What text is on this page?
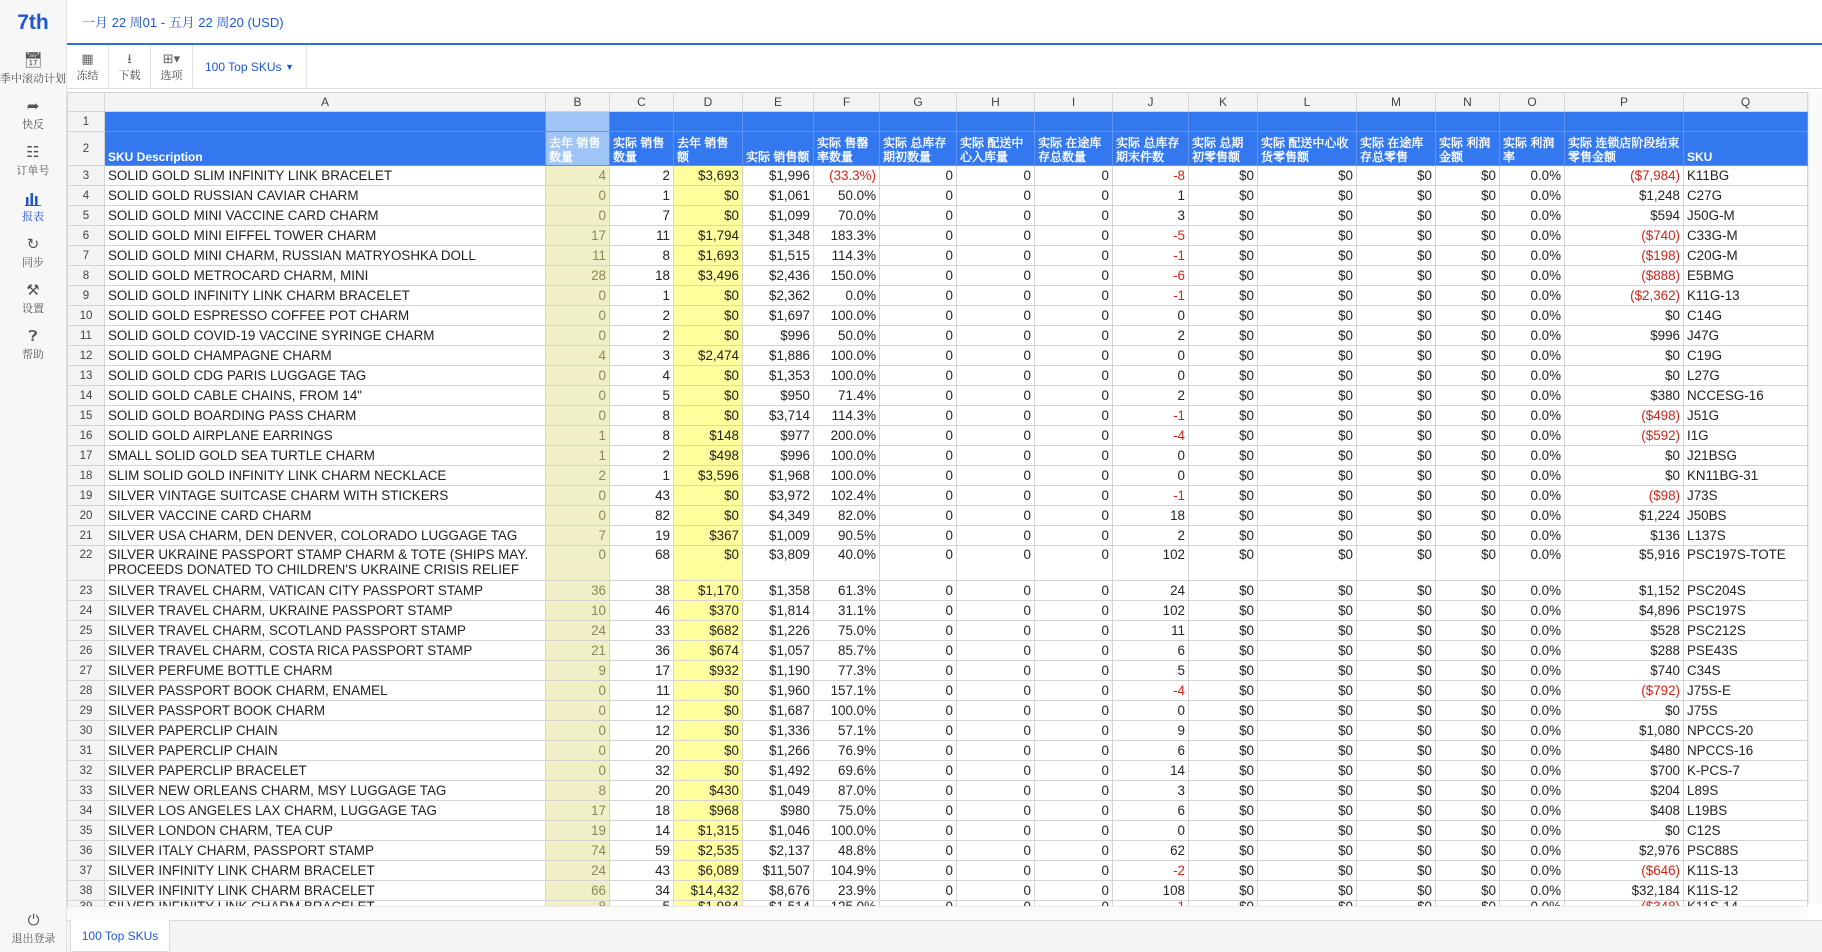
7th
📅︎
季中滚动计划
➦
快反
☷
订单号
报表
↻
同步
⚒
设置
❓︎
帮助
⏻
退出登录
一月 22 周01 - 五月 22 周20 (USD)
▦
冻结
⭳
下载
⊞▾
选项
100 Top SKUs ▼
	A	B	C	D	E	F	G	H	I	J	K	L	M	N	O	P	Q
1																	
2	SKU Description	去年 销售数量	实际 销售数量	去年 销售额	实际 销售额	实际 售罄率数量	实际 总库存期初数量	实际 配送中心入库量	实际 在途库存总数量	实际 总库存期末件数	实际 总期初零售额	实际 配送中心收货零售额	实际 在途库存总零售	实际 利润金额	实际 利润率	实际 连锁店阶段结束零售金额	SKU
3	SOLID GOLD SLIM INFINITY LINK BRACELET	4	2	$3,693	$1,996	(33.3%)	0	0	0	-8	$0	$0	$0	$0	0.0%	($7,984)	K11BG
4	SOLID GOLD RUSSIAN CAVIAR CHARM	0	1	$0	$1,061	50.0%	0	0	0	1	$0	$0	$0	$0	0.0%	$1,248	C27G
5	SOLID GOLD MINI VACCINE CARD CHARM	0	7	$0	$1,099	70.0%	0	0	0	3	$0	$0	$0	$0	0.0%	$594	J50G-M
6	SOLID GOLD MINI EIFFEL TOWER CHARM	17	11	$1,794	$1,348	183.3%	0	0	0	-5	$0	$0	$0	$0	0.0%	($740)	C33G-M
7	SOLID GOLD MINI CHARM, RUSSIAN MATRYOSHKA DOLL	11	8	$1,693	$1,515	114.3%	0	0	0	-1	$0	$0	$0	$0	0.0%	($198)	C20G-M
8	SOLID GOLD METROCARD CHARM, MINI	28	18	$3,496	$2,436	150.0%	0	0	0	-6	$0	$0	$0	$0	0.0%	($888)	E5BMG
9	SOLID GOLD INFINITY LINK CHARM BRACELET	0	1	$0	$2,362	0.0%	0	0	0	-1	$0	$0	$0	$0	0.0%	($2,362)	K11G-13
10	SOLID GOLD ESPRESSO COFFEE POT CHARM	0	2	$0	$1,697	100.0%	0	0	0	0	$0	$0	$0	$0	0.0%	$0	C14G
11	SOLID GOLD COVID-19 VACCINE SYRINGE CHARM	0	2	$0	$996	50.0%	0	0	0	2	$0	$0	$0	$0	0.0%	$996	J47G
12	SOLID GOLD CHAMPAGNE CHARM	4	3	$2,474	$1,886	100.0%	0	0	0	0	$0	$0	$0	$0	0.0%	$0	C19G
13	SOLID GOLD CDG PARIS LUGGAGE TAG	0	4	$0	$1,353	100.0%	0	0	0	0	$0	$0	$0	$0	0.0%	$0	L27G
14	SOLID GOLD CABLE CHAINS, FROM 14"	0	5	$0	$950	71.4%	0	0	0	2	$0	$0	$0	$0	0.0%	$380	NCCESG-16
15	SOLID GOLD BOARDING PASS CHARM	0	8	$0	$3,714	114.3%	0	0	0	-1	$0	$0	$0	$0	0.0%	($498)	J51G
16	SOLID GOLD AIRPLANE EARRINGS	1	8	$148	$977	200.0%	0	0	0	-4	$0	$0	$0	$0	0.0%	($592)	I1G
17	SMALL SOLID GOLD SEA TURTLE CHARM	1	2	$498	$996	100.0%	0	0	0	0	$0	$0	$0	$0	0.0%	$0	J21BSG
18	SLIM SOLID GOLD INFINITY LINK CHARM NECKLACE	2	1	$3,596	$1,968	100.0%	0	0	0	0	$0	$0	$0	$0	0.0%	$0	KN11BG-31
19	SILVER VINTAGE SUITCASE CHARM WITH STICKERS	0	43	$0	$3,972	102.4%	0	0	0	-1	$0	$0	$0	$0	0.0%	($98)	J73S
20	SILVER VACCINE CARD CHARM	0	82	$0	$4,349	82.0%	0	0	0	18	$0	$0	$0	$0	0.0%	$1,224	J50BS
21	SILVER USA CHARM, DEN DENVER, COLORADO LUGGAGE TAG	7	19	$367	$1,009	90.5%	0	0	0	2	$0	$0	$0	$0	0.0%	$136	L137S
22	SILVER UKRAINE PASSPORT STAMP CHARM & TOTE (SHIPS MAY. PROCEEDS DONATED TO CHILDREN'S UKRAINE CRISIS RELIEF	0	68	$0	$3,809	40.0%	0	0	0	102	$0	$0	$0	$0	0.0%	$5,916	PSC197S-TOTE
23	SILVER TRAVEL CHARM, VATICAN CITY PASSPORT STAMP	36	38	$1,170	$1,358	61.3%	0	0	0	24	$0	$0	$0	$0	0.0%	$1,152	PSC204S
24	SILVER TRAVEL CHARM, UKRAINE PASSPORT STAMP	10	46	$370	$1,814	31.1%	0	0	0	102	$0	$0	$0	$0	0.0%	$4,896	PSC197S
25	SILVER TRAVEL CHARM, SCOTLAND PASSPORT STAMP	24	33	$682	$1,226	75.0%	0	0	0	11	$0	$0	$0	$0	0.0%	$528	PSC212S
26	SILVER TRAVEL CHARM, COSTA RICA PASSPORT STAMP	21	36	$674	$1,057	85.7%	0	0	0	6	$0	$0	$0	$0	0.0%	$288	PSE43S
27	SILVER PERFUME BOTTLE CHARM	9	17	$932	$1,190	77.3%	0	0	0	5	$0	$0	$0	$0	0.0%	$740	C34S
28	SILVER PASSPORT BOOK CHARM, ENAMEL	0	11	$0	$1,960	157.1%	0	0	0	-4	$0	$0	$0	$0	0.0%	($792)	J75S-E
29	SILVER PASSPORT BOOK CHARM	0	12	$0	$1,687	100.0%	0	0	0	0	$0	$0	$0	$0	0.0%	$0	J75S
30	SILVER PAPERCLIP CHAIN	0	12	$0	$1,336	57.1%	0	0	0	9	$0	$0	$0	$0	0.0%	$1,080	NPCCS-20
31	SILVER PAPERCLIP CHAIN	0	20	$0	$1,266	76.9%	0	0	0	6	$0	$0	$0	$0	0.0%	$480	NPCCS-16
32	SILVER PAPERCLIP BRACELET	0	32	$0	$1,492	69.6%	0	0	0	14	$0	$0	$0	$0	0.0%	$700	K-PCS-7
33	SILVER NEW ORLEANS CHARM, MSY LUGGAGE TAG	8	20	$430	$1,049	87.0%	0	0	0	3	$0	$0	$0	$0	0.0%	$204	L89S
34	SILVER LOS ANGELES LAX CHARM, LUGGAGE TAG	17	18	$968	$980	75.0%	0	0	0	6	$0	$0	$0	$0	0.0%	$408	L19BS
35	SILVER LONDON CHARM, TEA CUP	19	14	$1,315	$1,046	100.0%	0	0	0	0	$0	$0	$0	$0	0.0%	$0	C12S
36	SILVER ITALY CHARM, PASSPORT STAMP	74	59	$2,535	$2,137	48.8%	0	0	0	62	$0	$0	$0	$0	0.0%	$2,976	PSC88S
37	SILVER INFINITY LINK CHARM BRACELET	24	43	$6,089	$11,507	104.9%	0	0	0	-2	$0	$0	$0	$0	0.0%	($646)	K11S-13
38	SILVER INFINITY LINK CHARM BRACELET	66	34	$14,432	$8,676	23.9%	0	0	0	108	$0	$0	$0	$0	0.0%	$32,184	K11S-12

100 Top SKUs
